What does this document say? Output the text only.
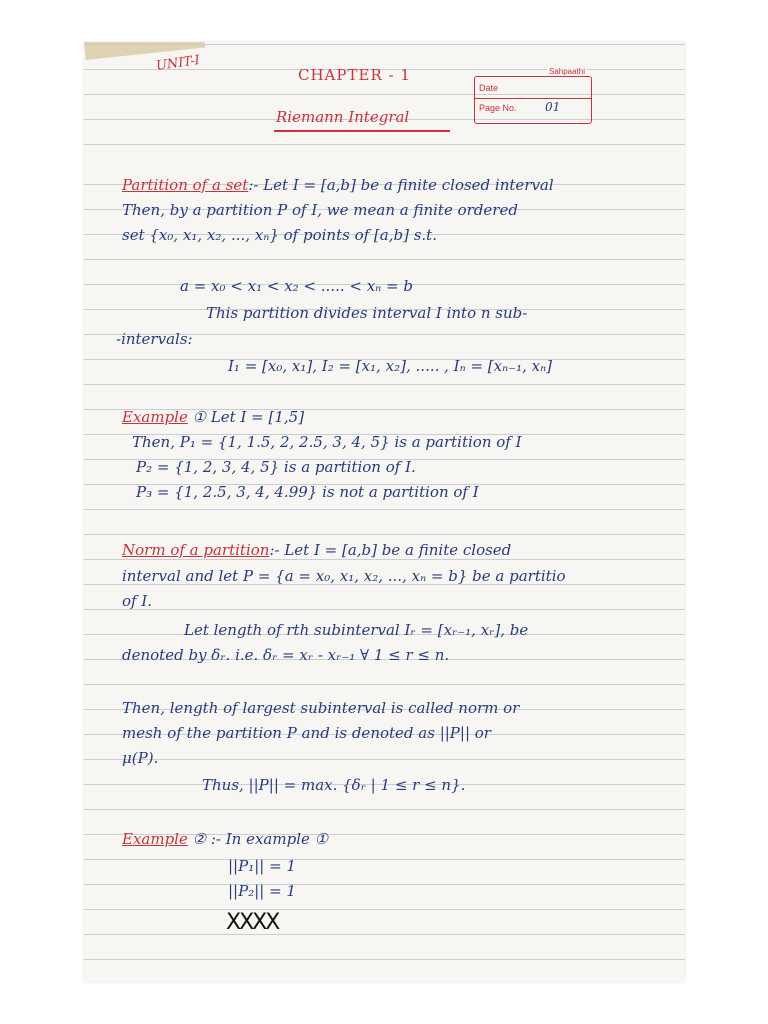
UNIT-I
CHAPTER - 1
Riemann Integral
Sahpaathi
Date
Page No. 01
Partition of a set:- Let I = [a,b] be a finite closed interval
Then, by a partition P of I, we mean a finite ordered
set {x₀, x₁, x₂, ..., xₙ} of points of [a,b] s.t.
a = x₀ < x₁ < x₂ < ..... < xₙ = b
This partition divides interval I into n sub-
-intervals:
I₁ = [x₀, x₁], I₂ = [x₁, x₂], ..... , Iₙ = [xₙ₋₁, xₙ]
Example ① Let I = [1,5]
Then, P₁ = {1, 1.5, 2, 2.5, 3, 4, 5} is a partition of I
P₂ = {1, 2, 3, 4, 5} is a partition of I.
P₃ = {1, 2.5, 3, 4, 4.99} is not a partition of I
Norm of a partition:- Let I = [a,b] be a finite closed
interval and let P = {a = x₀, x₁, x₂, ..., xₙ = b} be a partitio
of I.
Let length of rth subinterval Iᵣ = [xᵣ₋₁, xᵣ], be
denoted by δᵣ. i.e. δᵣ = xᵣ - xᵣ₋₁ ∀ 1 ≤ r ≤ n.
Then, length of largest subinterval is called norm or
mesh of the partition P and is denoted as ||P|| or
μ(P).
Thus, ||P|| = max. {δᵣ | 1 ≤ r ≤ n}.
Example ② :- In example ①
||P₁|| = 1
||P₂|| = 1
XXXX
